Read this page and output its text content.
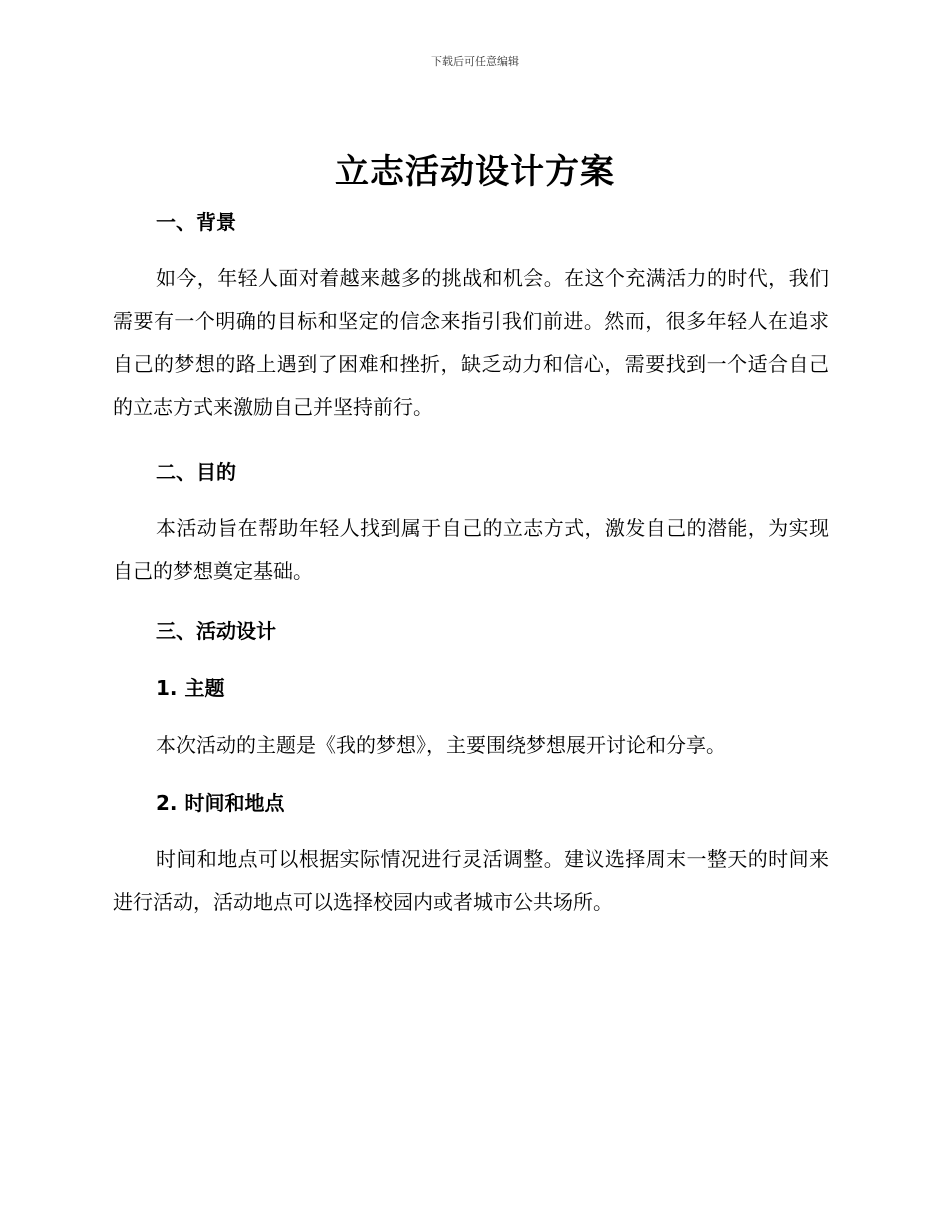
下载后可任意编辑
立志活动设计方案
一、背景
如今，年轻人面对着越来越多的挑战和机会。在这个充满活力的时代，我们需要有一个明确的目标和坚定的信念来指引我们前进。然而，很多年轻人在追求自己的梦想的路上遇到了困难和挫折，缺乏动力和信心，需要找到一个适合自己的立志方式来激励自己并坚持前行。
二、目的
本活动旨在帮助年轻人找到属于自己的立志方式，激发自己的潜能，为实现自己的梦想奠定基础。
三、活动设计
1. 主题
本次活动的主题是《我的梦想》，主要围绕梦想展开讨论和分享。
2. 时间和地点
时间和地点可以根据实际情况进行灵活调整。建议选择周末一整天的时间来进行活动，活动地点可以选择校园内或者城市公共场所。
